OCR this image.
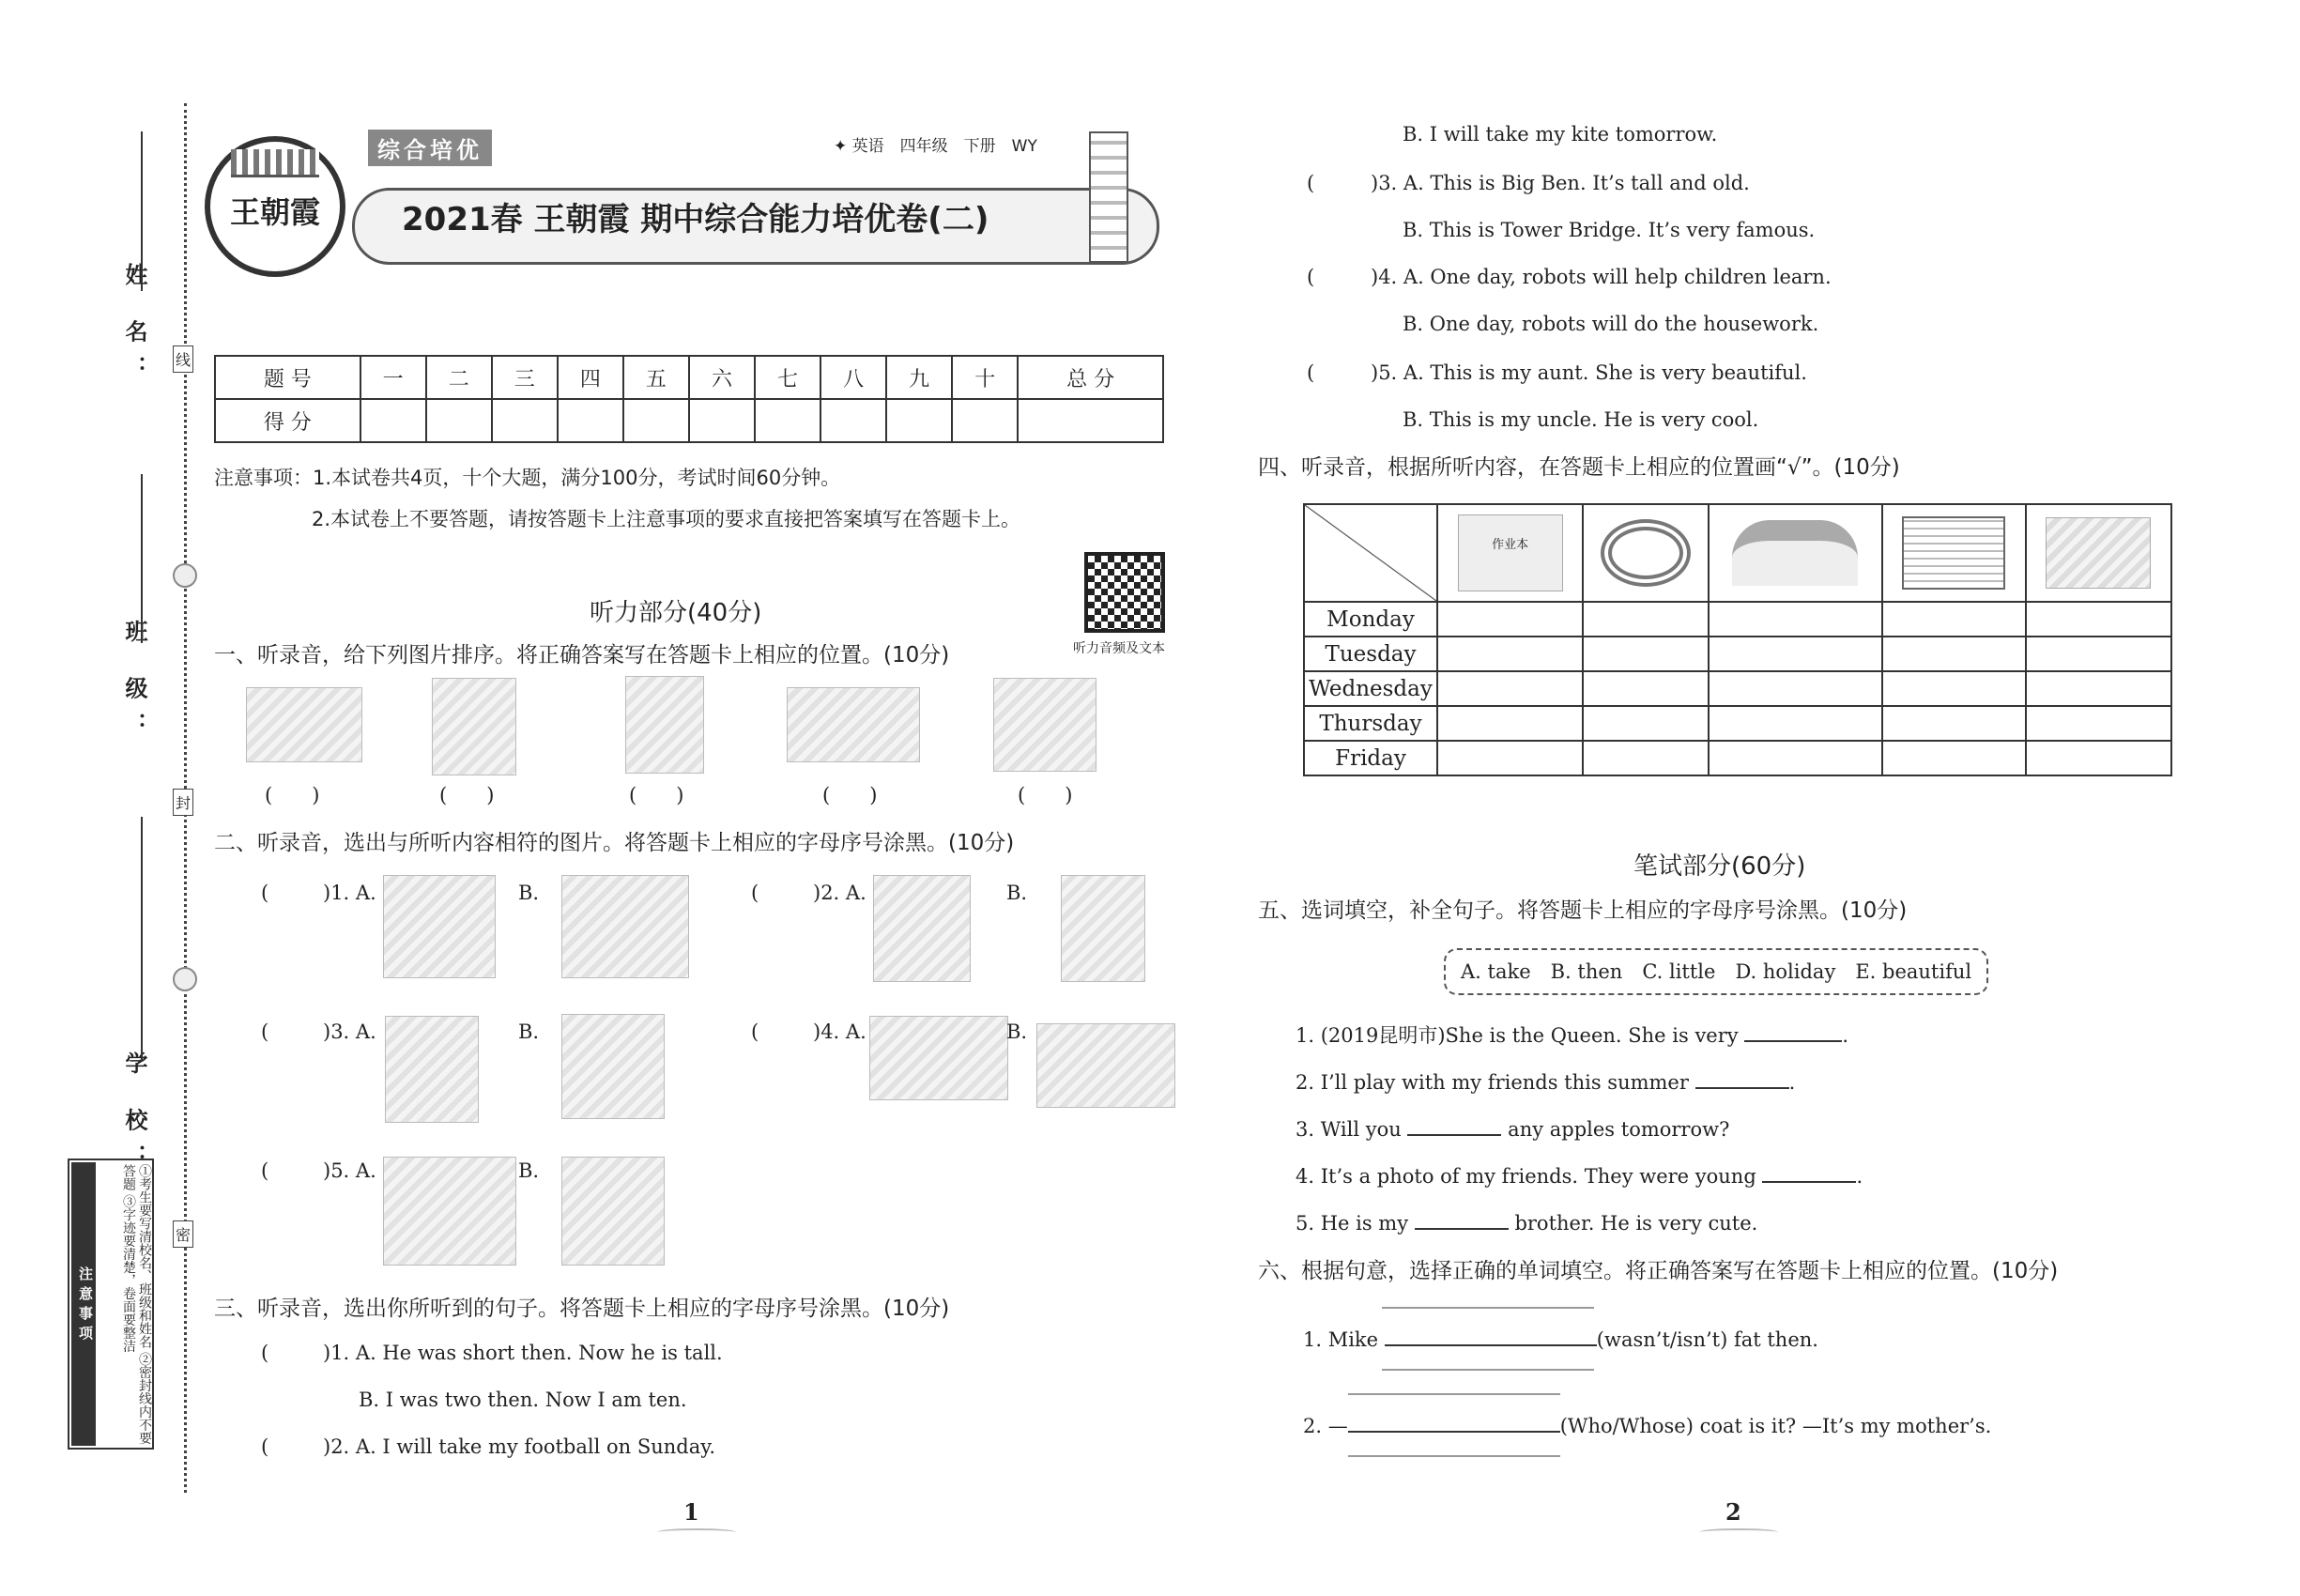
姓 名：
班 级：
学 校：
线
封
密
注意事项	①考生要写清校名、班级和姓名 ②密封线内不要答题 ③字迹要清楚，卷面要整洁
王朝霞
综合培优	✦ 英语　 四年级　 下册　 WY
2021春 王朝霞 期中综合能力培优卷(二)
题 号	一	二	三	四	五	六	七	八	九	十	总 分
得 分											
注意事项：1.本试卷共4页，十个大题，满分100分，考试时间60分钟。
2.本试卷上不要答题，请按答题卡上注意事项的要求直接把答案填写在答题卡上。
听力音频及文本
听力部分(40分)
一、听录音，给下列图片排序。将正确答案写在答题卡上相应的位置。(10分)
(　　)	(　　)	(　　)	(　　)	(　　)
二、听录音，选出与所听内容相符的图片。将答题卡上相应的字母序号涂黑。(10分)
(	)1. A.	B.	(	)2. A.	B.
(	)3. A.	B.	(	)4. A.	B.
(	)5. A.	B.
三、听录音，选出你所听到的句子。将答题卡上相应的字母序号涂黑。(10分)
(	)1. A. He was short then. Now he is tall.
B. I was two then. Now I am ten.
(	)2. A. I will take my football on Sunday.
B. I will take my kite tomorrow.
(	)3. A. This is Big Ben. It’s tall and old.
B. This is Tower Bridge. It’s very famous.
(	)4. A. One day, robots will help children learn.
B. One day, robots will do the housework.
(	)5. A. This is my aunt. She is very beautiful.
B. This is my uncle. He is very cool.
四、听录音，根据所听内容，在答题卡上相应的位置画“√”。(10分)

	作业本				

Monday					
Tuesday					
Wednesday					
Thursday					
Friday					
笔试部分(60分)
五、选词填空，补全句子。将答题卡上相应的字母序号涂黑。(10分)
A. take　B. then　C. little　D. holiday　E. beautiful
1. (2019昆明市)She is the Queen. She is very	.
2. I’ll play with my friends this summer	.
3. Will you	any apples tomorrow?
4. It’s a photo of my friends. They were young	.
5. He is my	brother. He is very cute.
六、根据句意，选择正确的单词填空。将正确答案写在答题卡上相应的位置。(10分)
1. Mike	(wasn’t/isn’t) fat then.
2. —	(Who/Whose) coat is it? —It’s my mother’s.
1	2
